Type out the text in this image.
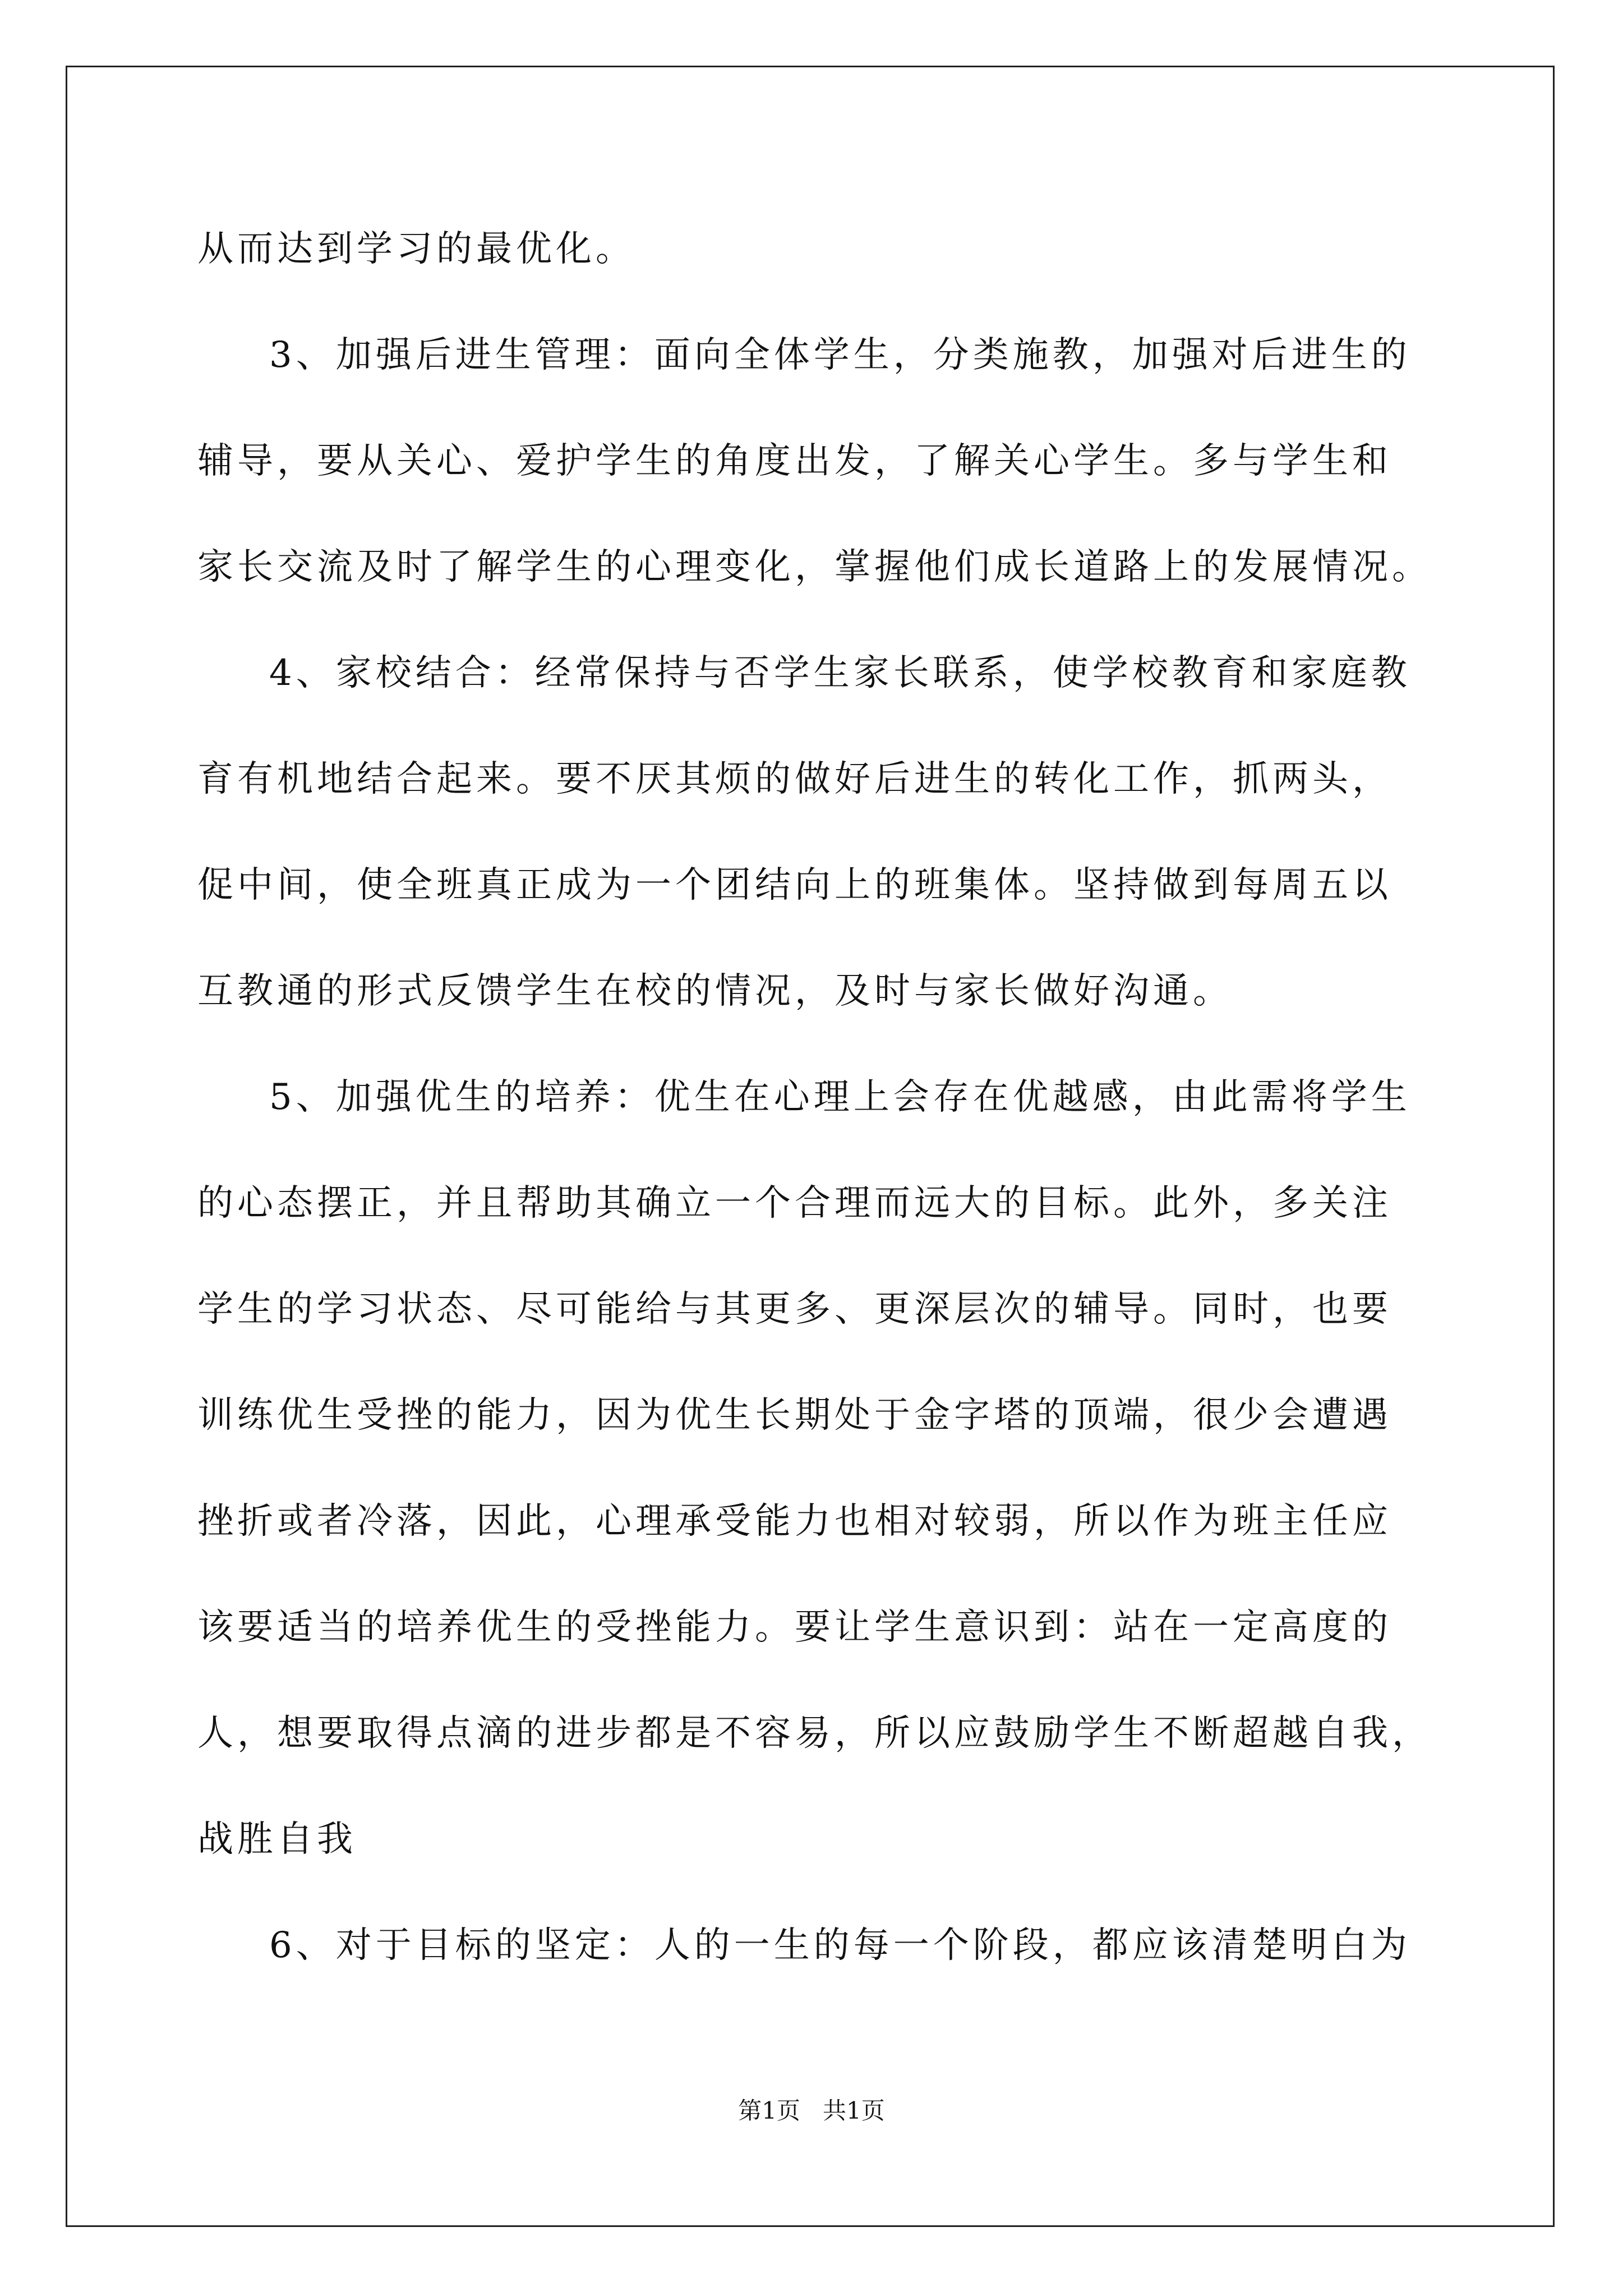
从而达到学习的最优化。
3、加强后进生管理：面向全体学生，分类施教，加强对后进生的
辅导，要从关心、爱护学生的角度出发，了解关心学生。多与学生和
家长交流及时了解学生的心理变化，掌握他们成长道路上的发展情况。
4、家校结合：经常保持与否学生家长联系，使学校教育和家庭教
育有机地结合起来。要不厌其烦的做好后进生的转化工作，抓两头，
促中间，使全班真正成为一个团结向上的班集体。坚持做到每周五以
互教通的形式反馈学生在校的情况，及时与家长做好沟通。
5、加强优生的培养：优生在心理上会存在优越感，由此需将学生
的心态摆正，并且帮助其确立一个合理而远大的目标。此外，多关注
学生的学习状态、尽可能给与其更多、更深层次的辅导。同时，也要
训练优生受挫的能力，因为优生长期处于金字塔的顶端，很少会遭遇
挫折或者冷落，因此，心理承受能力也相对较弱，所以作为班主任应
该要适当的培养优生的受挫能力。要让学生意识到：站在一定高度的
人，想要取得点滴的进步都是不容易，所以应鼓励学生不断超越自我，
战胜自我
6、对于目标的坚定：人的一生的每一个阶段，都应该清楚明白为
第1页   共1页
